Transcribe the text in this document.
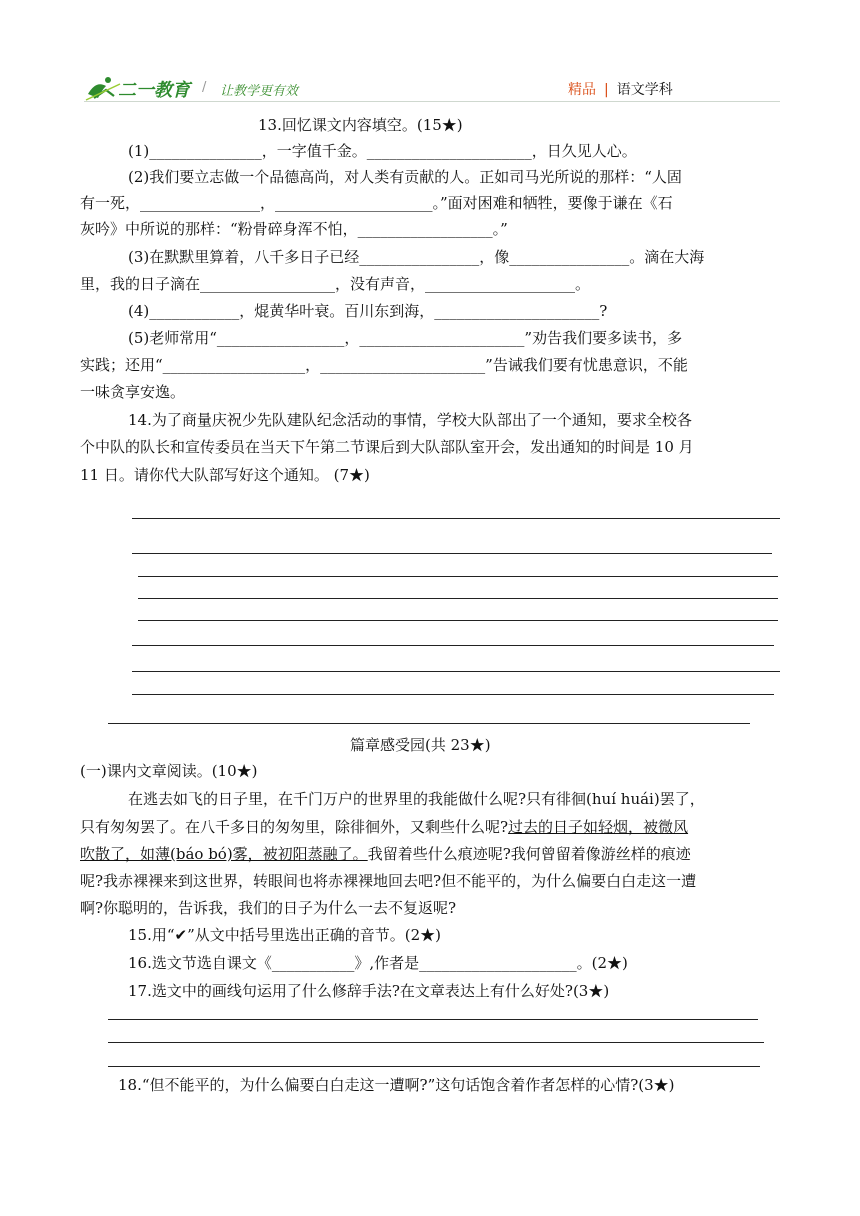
二一教育 / 让教学更有效	精品 | 语文学科
13.回忆课文内容填空。(15★)
(1)_______________，一字值千金。______________________，日久见人心。
(2)我们要立志做一个品德高尚，对人类有贡献的人。正如司马光所说的那样：“人固
有一死，________________，_____________________。”面对困难和牺牲，要像于谦在《石
灰吟》中所说的那样：“粉骨碎身浑不怕，__________________。”
(3)在默默里算着，八千多日子已经________________，像________________。滴在大海
里，我的日子滴在__________________，没有声音，____________________。
(4)____________，焜黄华叶衰。百川东到海，______________________?
(5)老师常用“_________________，______________________”劝告我们要多读书，多
实践；还用“___________________，______________________”告诫我们要有忧患意识，不能
一味贪享安逸。
14.为了商量庆祝少先队建队纪念活动的事情，学校大队部出了一个通知，要求全校各
个中队的队长和宣传委员在当天下午第二节课后到大队部队室开会，发出通知的时间是 10 月
11 日。请你代大队部写好这个通知。 (7★)
篇章感受园(共 23★)
(一)课内文章阅读。(10★)
在逃去如飞的日子里，在千门万户的世界里的我能做什么呢?只有徘徊(huí huái)罢了，
只有匆匆罢了。在八千多日的匆匆里，除徘徊外，又剩些什么呢?过去的日子如轻烟，被微风
吹散了，如薄(báo bó)雾，被初阳蒸融了。我留着些什么痕迹呢?我何曾留着像游丝样的痕迹
呢?我赤裸裸来到这世界，转眼间也将赤裸裸地回去吧?但不能平的，为什么偏要白白走这一遭
啊?你聪明的，告诉我，我们的日子为什么一去不复返呢?
15.用“✔”从文中括号里选出正确的音节。(2★)
16.选文节选自课文《___________》,作者是_____________________。(2★)
17.选文中的画线句运用了什么修辞手法?在文章表达上有什么好处?(3★)
18.“但不能平的，为什么偏要白白走这一遭啊?”这句话饱含着作者怎样的心情?(3★)
